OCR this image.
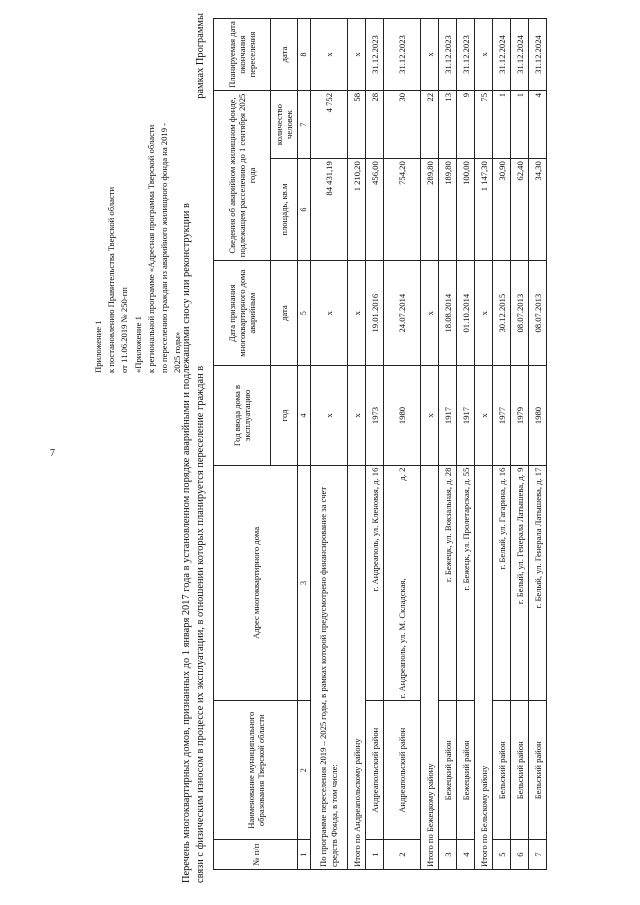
7
Приложение 1 к постановлению Правительства Тверской области от 11.06.2019 № 250-пп «Приложение 1 к региональной программе «Адресная программа Тверской области по переселению граждан из аварийного жилищного фонда на 2019 - 2025 годы»
Перечень многоквартирных домов, признанных до 1 января 2017 года в установленном порядке аварийными и подлежащими сносу или реконструкции в связи с физическим износом в процессе их эксплуатации, в отношении которых планируется переселение граждан в
рамках Программы
№ п/п	Наименование муниципального образования Тверской области	Адрес многоквартирного дома	Год ввода дома в эксплуатацию	Дата признания многоквартирного дома аварийным	Сведения об аварийном жилищном фонде, подлежащем расселению до 1 сентября 2025 года		Планируемая дата окончания переселения
			год	дата	площадь, кв.м	количество человек	дата
1	2	3	4	5	6	7	8
По программе переселения 2019 – 2025 годы, в рамках которой предусмотрено финансирование за счет средств Фонда, в том числе:			х	х	84 431,19	4 752	х
Итого по Андреапольскому району			х	х	1 210,20	58	х
1	Андреапольский район	г. Андреаполь, ул. Кленовая, д. 16	1973	19.01.2016	456,00	28	31.12.2023
2	Андреапольский район	г. Андреаполь, ул. М. Складская,
д. 2	1980	24.07.2014	754,20	30	31.12.2023
Итого по Бежецкому району			х	х	289,80	22	х
3	Бежецкий район	г. Бежецк, ул. Вокзальная, д. 28	1917	18.08.2014	189,80	13	31.12.2023
4	Бежецкий район	г. Бежецк, ул. Пролетарская, д. 55	1917	01.10.2014	100,00	9	31.12.2023
Итого по Бельскому району			х	х	1 147,30	75	х
5	Бельский район	г. Белый, ул. Гагарина, д. 16	1977	30.12.2015	30,90	1	31.12.2024
6	Бельский район	г. Белый, ул. Генерала Латышева, д. 9	1979	08.07.2013	62,40	1	31.12.2024
7	Бельский район	г. Белый, ул. Генерала Латышева, д. 17	1980	08.07.2013	34,30	4	31.12.2024
